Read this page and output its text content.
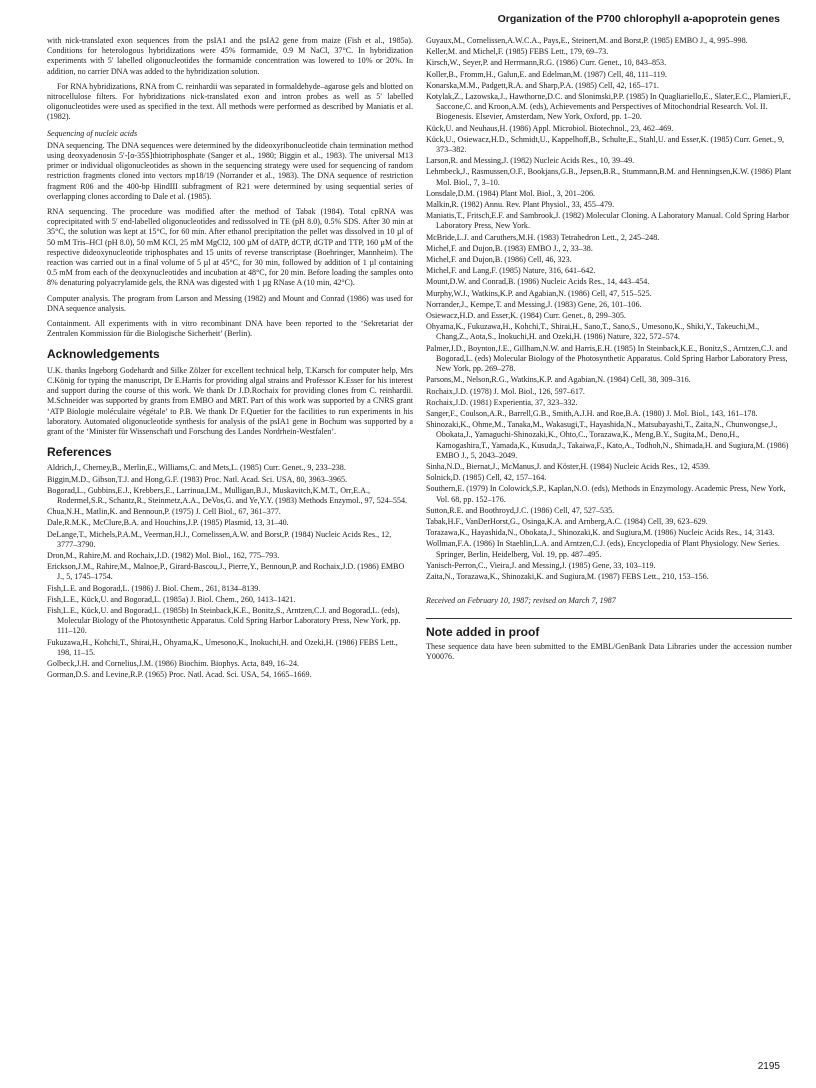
Organization of the P700 chlorophyll a-apoprotein genes

with nick-translated exon sequences from the psIA1 and the psIA2 gene from maize (Fish et al., 1985a). Conditions for heterologous hybridizations were 45% formamide, 0.9 M NaCl, 37°C. In hybridization experiments with 5′ labelled oligonucleotides the formamide concentration was lowered to 10% or 20%. In addition, no carrier DNA was added to the hybridization solution.

For RNA hybridizations, RNA from C. reinhardii was separated in formaldehyde–agarose gels and blotted on nitrocellulose filters. For hybridizations nick-translated exon and intron probes as well as 5′ labelled oligonucleotides were used as specified in the text. All methods were performed as described by Maniatis et al. (1982).

Sequencing of nucleic acids

DNA sequencing. The DNA sequences were determined by the dideoxyribonucleotide chain termination method using deoxyadenosin 5′-[α-35S]thiotriphosphate (Sanger et al., 1980; Biggin et al., 1983). The universal M13 primer or individual oligonucleotides as shown in the sequencing strategy were used for sequencing of random restriction fragments cloned into vectors mp18/19 (Norrander et al., 1983). The DNA sequence of restriction fragment R06 and the 400-bp HindIII subfragment of R21 were determined by using sequential series of overlapping clones according to Dale et al. (1985).

RNA sequencing. The procedure was modified after the method of Tabak (1984). Total cpRNA was coprecipitated with 5′ end-labelled oligonucleotides and redissolved in TE (pH 8.0), 0.5% SDS. After 30 min at 35°C, the solution was kept at 15°C, for 60 min. After ethanol precipitation the pellet was dissolved in 10 µl of 50 mM Tris–HCl (pH 8.0), 50 mM KCl, 25 mM MgCl2, 100 µM of dATP, dCTP, dGTP and TTP, 160 µM of the respective dideoxynucleotide triphosphates and 15 units of reverse transcriptase (Boehringer, Mannheim). The reaction was carried out in a final volume of 5 µl at 45°C, for 30 min, followed by addition of 1 µl containing 0.5 mM from each of the deoxynucleotides and incubation at 48°C, for 20 min. Before loading the samples onto 8% denaturing polyacrylamide gels, the RNA was digested with 1 µg RNase A (10 min, 42°C).

Computer analysis. The program from Larson and Messing (1982) and Mount and Conrad (1986) was used for DNA sequence analysis.

Containment. All experiments with in vitro recombinant DNA have been reported to the ‘Sekretariat der Zentralen Kommission für die Biologische Sicherheit’ (Berlin).

Acknowledgements

U.K. thanks Ingeborg Godehardt and Silke Zölzer for excellent technical help, T.Karsch for computer help, Mrs C.König for typing the manuscript, Dr E.Harris for providing algal strains and Professor K.Esser for his interest and support during the course of this work. We thank Dr J.D.Rochaix for providing clones from C. reinhardii. M.Schneider was supported by grants from EMBO and MRT. Part of this work was supported by a CNRS grant ‘ATP Biologie moléculaire végétale’ to P.B. We thank Dr F.Quetier for the facilities to run experiments in his laboratory. Automated oligonucleotide synthesis for analysis of the psIA1 gene in Bochum was supported by a grant of the ‘Minister für Wissenschaft und Forschung des Landes Nordrhein-Westfalen’.

References
Aldrich,J., Cherney,B., Merlin,E., Williams,C. and Mets,L. (1985) Curr. Genet., 9, 233–238.
Biggin,M.D., Gibson,T.J. and Hong,G.F. (1983) Proc. Natl. Acad. Sci. USA, 80, 3963–3965.
Bogorad,L., Gubbins,E.J., Krebbers,E., Larrinua,I.M., Mulligan,B.J., Muskavitch,K.M.T., Orr,E.A., Rodermel,S.R., Schantz,R., Steinmetz,A.A., DeVos,G. and Ye,Y.Y. (1983) Methods Enzymol., 97, 524–554.
Chua,N.H., Matlin,K. and Bennoun,P. (1975) J. Cell Biol., 67, 361–377.
Dale,R.M.K., McClure,B.A. and Houchins,J.P. (1985) Plasmid, 13, 31–40.
DeLange,T., Michels,P.A.M., Veerman,H.J., Cornelissen,A.W. and Borst,P. (1984) Nucleic Acids Res., 12, 3777–3790.
Dron,M., Rahire,M. and Rochaix,J.D. (1982) Mol. Biol., 162, 775–793.
Erickson,J.M., Rahire,M., Malnoe,P., Girard-Bascou,J., Pierre,Y., Bennoun,P. and Rochaix,J.D. (1986) EMBO J., 5, 1745–1754.
Fish,L.E. and Bogorad,L. (1986) J. Biol. Chem., 261, 8134–8139.
Fish,L.E., Kück,U. and Bogorad,L. (1985a) J. Biol. Chem., 260, 1413–1421.
Fish,L.E., Kück,U. and Bogorad,L. (1985b) In Steinback,K.E., Bonitz,S., Arntzen,C.J. and Bogorad,L. (eds), Molecular Biology of the Photosynthetic Apparatus. Cold Spring Harbor Laboratory Press, New York, pp. 111–120.
Fukuzawa,H., Kohchi,T., Shirai,H., Ohyama,K., Umesono,K., Inokuchi,H. and Ozeki,H. (1986) FEBS Lett., 198, 11–15.
Golbeck,J.H. and Cornelius,J.M. (1986) Biochim. Biophys. Acta, 849, 16–24.
Gorman,D.S. and Levine,R.P. (1965) Proc. Natl. Acad. Sci. USA, 54, 1665–1669.
Guyaux,M., Cornelissen,A.W.C.A., Pays,E., Steinert,M. and Borst,P. (1985) EMBO J., 4, 995–998.
Keller,M. and Michel,F. (1985) FEBS Lett., 179, 69–73.
Kirsch,W., Seyer,P. and Herrmann,R.G. (1986) Curr. Genet., 10, 843–853.
Koller,B., Fromm,H., Galun,E. and Edelman,M. (1987) Cell, 48, 111–119.
Konarska,M.M., Padgett,R.A. and Sharp,P.A. (1985) Cell, 42, 165–171.
Kotylak,Z., Lazowska,J., Hawthorne,D.C. and Slonimski,P.P. (1985) In Quagliariello,E., Slater,E.C., Plamieri,F., Saccone,C. and Kroon,A.M. (eds), Achievements and Perspectives of Mitochondrial Research. Vol. II. Biogenesis. Elsevier, Amsterdam, New York, Oxford, pp. 1–20.
Kück,U. and Neuhaus,H. (1986) Appl. Microbiol. Biotechnol., 23, 462–469.
Kück,U., Osiewacz,H.D., Schmidt,U., Kappelhoff,B., Schulte,E., Stahl,U. and Esser,K. (1985) Curr. Genet., 9, 373–382.
Larson,R. and Messing,J. (1982) Nucleic Acids Res., 10, 39–49.
Lehmbeck,J., Rasmussen,O.F., Bookjans,G.B., Jepsen,B.R., Stummann,B.M. and Henningsen,K.W. (1986) Plant Mol. Biol., 7, 3–10.
Lonsdale,D.M. (1984) Plant Mol. Biol., 3, 201–206.
Malkin,R. (1982) Annu. Rev. Plant Physiol., 33, 455–479.
Maniatis,T., Fritsch,E.F. and Sambrook,J. (1982) Molecular Cloning. A Laboratory Manual. Cold Spring Harbor Laboratory Press, New York.
McBride,L.J. and Caruthers,M.H. (1983) Tetrahedron Lett., 2, 245–248.
Michel,F. and Dujon,B. (1983) EMBO J., 2, 33–38.
Michel,F. and Dujon,B. (1986) Cell, 46, 323.
Michel,F. and Lang,F. (1985) Nature, 316, 641–642.
Mount,D.W. and Conrad,B. (1986) Nucleic Acids Res., 14, 443–454.
Murphy,W.J., Watkins,K.P. and Agabian,N. (1986) Cell, 47, 515–525.
Norrander,J., Kempe,T. and Messing,J. (1983) Gene, 26, 101–106.
Osiewacz,H.D. and Esser,K. (1984) Curr. Genet., 8, 299–305.
Ohyama,K., Fukuzawa,H., Kohchi,T., Shirai,H., Sano,T., Sano,S., Umesono,K., Shiki,Y., Takeuchi,M., Chang,Z., Aota,S., Inokuchi,H. and Ozeki,H. (1986) Nature, 322, 572–574.
Palmer,J.D., Boynton,J.E., Gillham,N.W. and Harris,E.H. (1985) In Steinback,K.E., Bonitz,S., Arntzen,C.J. and Bogorad,L. (eds) Molecular Biology of the Photosynthetic Apparatus. Cold Spring Harbor Laboratory Press, New York, pp. 269–278.
Parsons,M., Nelson,R.G., Watkins,K.P. and Agabian,N. (1984) Cell, 38, 309–316.
Rochaix,J.D. (1978) J. Mol. Biol., 126, 597–617.
Rochaix,J.D. (1981) Experientia, 37, 323–332.
Sanger,F., Coulson,A.R., Barrell,G.B., Smith,A.J.H. and Roe,B.A. (1980) J. Mol. Biol., 143, 161–178.
Shinozaki,K., Ohme,M., Tanaka,M., Wakasugi,T., Hayashida,N., Matsubayashi,T., Zaita,N., Chunwongse,J., Obokata,J., Yamaguchi-Shinozaki,K., Ohto,C., Torazawa,K., Meng,B.Y., Sugita,M., Deno,H., Kamogashira,T., Yamada,K., Kusuda,J., Takaiwa,F., Kato,A., Todhoh,N., Shimada,H. and Sugiura,M. (1986) EMBO J., 5, 2043–2049.
Sinha,N.D., Biernat,J., McManus,J. and Köster,H. (1984) Nucleic Acids Res., 12, 4539.
Solnick,D. (1985) Cell, 42, 157–164.
Southern,E. (1979) In Colowick,S.P., Kaplan,N.O. (eds), Methods in Enzymology. Academic Press, New York, Vol. 68, pp. 152–176.
Sutton,R.E. and Boothroyd,J.C. (1986) Cell, 47, 527–535.
Tabak,H.F., VanDerHorst,G., Osinga,K.A. and Arnberg,A.C. (1984) Cell, 39, 623–629.
Torazawa,K., Hayashida,N., Obokata,J., Shinozaki,K. and Sugiura,M. (1986) Nucleic Acids Res., 14, 3143.
Wollman,F.A. (1986) In Staehlin,L.A. and Arntzen,C.J. (eds), Encyclopedia of Plant Physiology. New Series. Springer, Berlin, Heidelberg, Vol. 19, pp. 487–495.
Yanisch-Perron,C., Vieira,J. and Messing,J. (1985) Gene, 33, 103–119.
Zaita,N., Torazawa,K., Shinozaki,K. and Sugiura,M. (1987) FEBS Lett., 210, 153–156.
Received on February 10, 1987; revised on March 7, 1987
Note added in proof

These sequence data have been submitted to the EMBL/GenBank Data Libraries under the accession number Y00076.

2195
